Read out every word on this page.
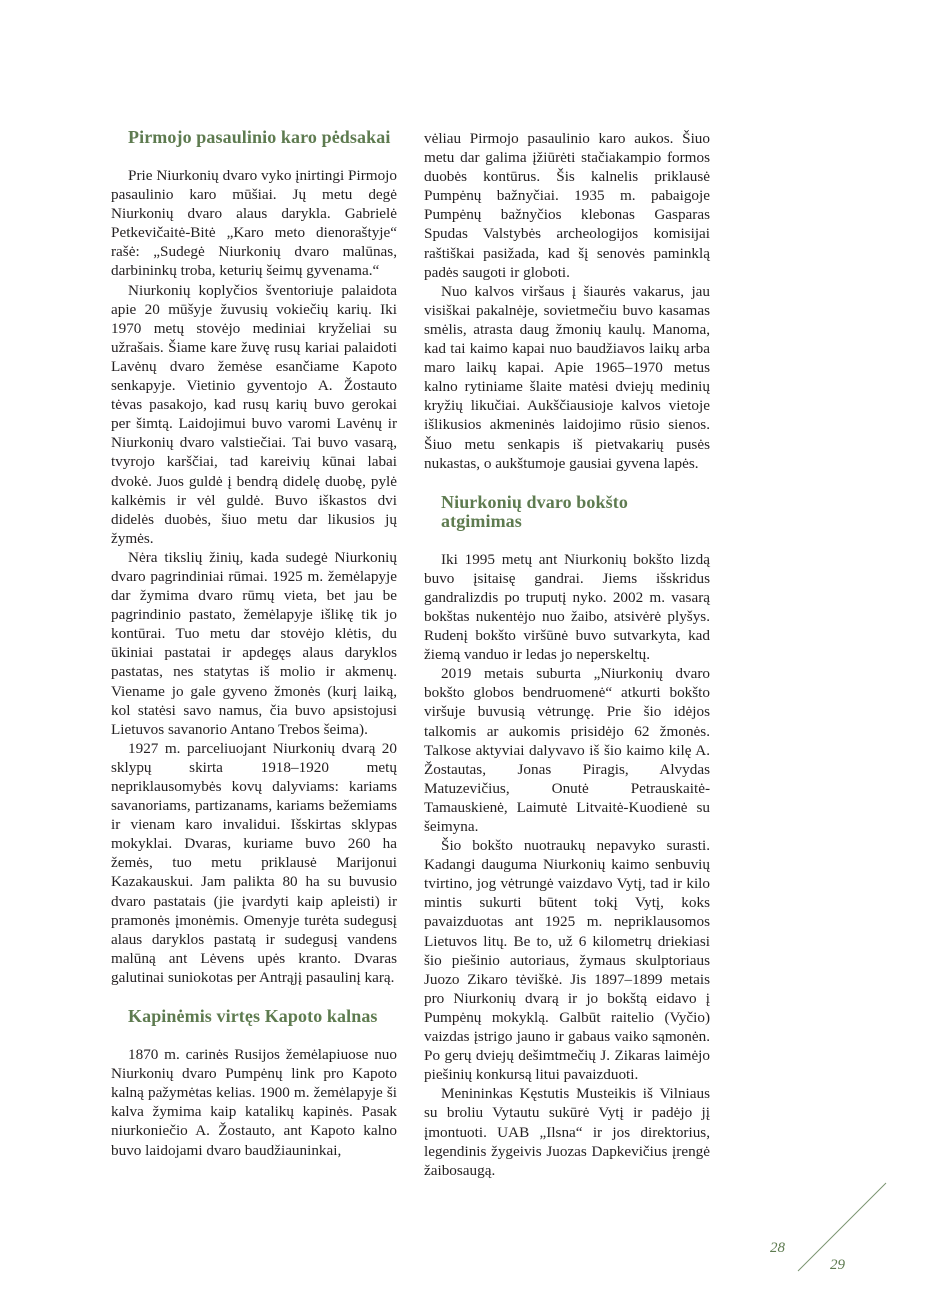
Pirmojo pasaulinio karo pėdsakai

Prie Niurkonių dvaro vyko įnirtingi Pirmojo pasaulinio karo mūšiai. Jų metu degė Niurkonių dvaro alaus darykla. Gabrielė Petkevičaitė-Bitė „Karo meto dienoraštyje“ rašė: „Sudegė Niurkonių dvaro malūnas, darbininkų troba, keturių šeimų gyvenama.“

Niurkonių koplyčios šventoriuje palaidota apie 20 mūšyje žuvusių vokiečių karių. Iki 1970 metų stovėjo mediniai kryželiai su užrašais. Šiame kare žuvę rusų kariai palaidoti Lavėnų dvaro žemėse esančiame Kapoto senkapyje. Vietinio gyventojo A. Žostauto tėvas pasakojo, kad rusų karių buvo gerokai per šimtą. Laidojimui buvo varomi Lavėnų ir Niurkonių dvaro valstiečiai. Tai buvo vasarą, tvyrojo karščiai, tad kareivių kūnai labai dvokė. Juos guldė į bendrą didelę duobę, pylė kalkėmis ir vėl guldė. Buvo iškastos dvi didelės duobės, šiuo metu dar likusios jų žymės.

Nėra tikslių žinių, kada sudegė Niurkonių dvaro pagrindiniai rūmai. 1925 m. žemėlapyje dar žymima dvaro rūmų vieta, bet jau be pagrindinio pastato, žemėlapyje išlikę tik jo kontūrai. Tuo metu dar stovėjo klėtis, du ūkiniai pastatai ir apdegęs alaus daryklos pastatas, nes statytas iš molio ir akmenų. Viename jo gale gyveno žmonės (kurį laiką, kol statėsi savo namus, čia buvo apsistojusi Lietuvos savanorio Antano Trebos šeima).

1927 m. parceliuojant Niurkonių dvarą 20 sklypų skirta 1918–1920 metų nepriklausomybės kovų dalyviams: kariams savanoriams, partizanams, kariams bežemiams ir vienam karo invalidui. Išskirtas sklypas mokyklai. Dvaras, kuriame buvo 260 ha žemės, tuo metu priklausė Marijonui Kazakauskui. Jam palikta 80 ha su buvusio dvaro pastatais (jie įvardyti kaip apleisti) ir pramonės įmonėmis. Omenyje turėta sudegusį alaus daryklos pastatą ir sudegusį vandens malūną ant Lėvens upės kranto. Dvaras galutinai suniokotas per Antrąjį pasaulinį karą.

Kapinėmis virtęs Kapoto kalnas

1870 m. carinės Rusijos žemėlapiuose nuo Niurkonių dvaro Pumpėnų link pro Kapoto kalną pažymėtas kelias. 1900 m. žemėlapyje ši kalva žymima kaip katalikų kapinės. Pasak niurkoniečio A. Žostauto, ant Kapoto kalno buvo laidojami dvaro baudžiauninkai,

vėliau Pirmojo pasaulinio karo aukos. Šiuo metu dar galima įžiūrėti stačiakampio formos duobės kontūrus. Šis kalnelis priklausė Pumpėnų bažnyčiai. 1935 m. pabaigoje Pumpėnų bažnyčios klebonas Gasparas Spudas Valstybės archeologijos komisijai raštiškai pasižada, kad šį senovės paminklą padės saugoti ir globoti.

Nuo kalvos viršaus į šiaurės vakarus, jau visiškai pakalnėje, sovietmečiu buvo kasamas smėlis, atrasta daug žmonių kaulų. Manoma, kad tai kaimo kapai nuo baudžiavos laikų arba maro laikų kapai. Apie 1965–1970 metus kalno rytiniame šlaite matėsi dviejų medinių kryžių likučiai. Aukščiausioje kalvos vietoje išlikusios akmeninės laidojimo rūsio sienos. Šiuo metu senkapis iš pietvakarių pusės nukastas, o aukštumoje gausiai gyvena lapės.

Niurkonių dvaro bokšto atgimimas

Iki 1995 metų ant Niurkonių bokšto lizdą buvo įsitaisę gandrai. Jiems išskridus gandralizdis po truputį nyko. 2002 m. vasarą bokštas nukentėjo nuo žaibo, atsivėrė plyšys. Rudenį bokšto viršūnė buvo sutvarkyta, kad žiemą vanduo ir ledas jo neperskeltų.

2019 metais suburta „Niurkonių dvaro bokšto globos bendruomenė“ atkurti bokšto viršuje buvusią vėtrungę. Prie šio idėjos talkomis ar aukomis prisidėjo 62 žmonės. Talkose aktyviai dalyvavo iš šio kaimo kilę A. Žostautas, Jonas Piragis, Alvydas Matuzevičius, Onutė Petrauskaitė-Tamauskienė, Laimutė Litvaitė-Kuodienė su šeimyna.

Šio bokšto nuotraukų nepavyko surasti. Kadangi dauguma Niurkonių kaimo senbuvių tvirtino, jog vėtrungė vaizdavo Vytį, tad ir kilo mintis sukurti būtent tokį Vytį, koks pavaizduotas ant 1925 m. nepriklausomos Lietuvos litų. Be to, už 6 kilometrų driekiasi šio piešinio autoriaus, žymaus skulptoriaus Juozo Zikaro tėviškė. Jis 1897–1899 metais pro Niurkonių dvarą ir jo bokštą eidavo į Pumpėnų mokyklą. Galbūt raitelio (Vyčio) vaizdas įstrigo jauno ir gabaus vaiko sąmonėn. Po gerų dviejų dešimtmečių J. Zikaras laimėjo piešinių konkursą litui pavaizduoti.

Menininkas Kęstutis Musteikis iš Vilniaus su broliu Vytautu sukūrė Vytį ir padėjo jį įmontuoti. UAB „Ilsna“ ir jos direktorius, legendinis žygeivis Juozas Dapkevičius įrengė žaibosaugą.

28
29
